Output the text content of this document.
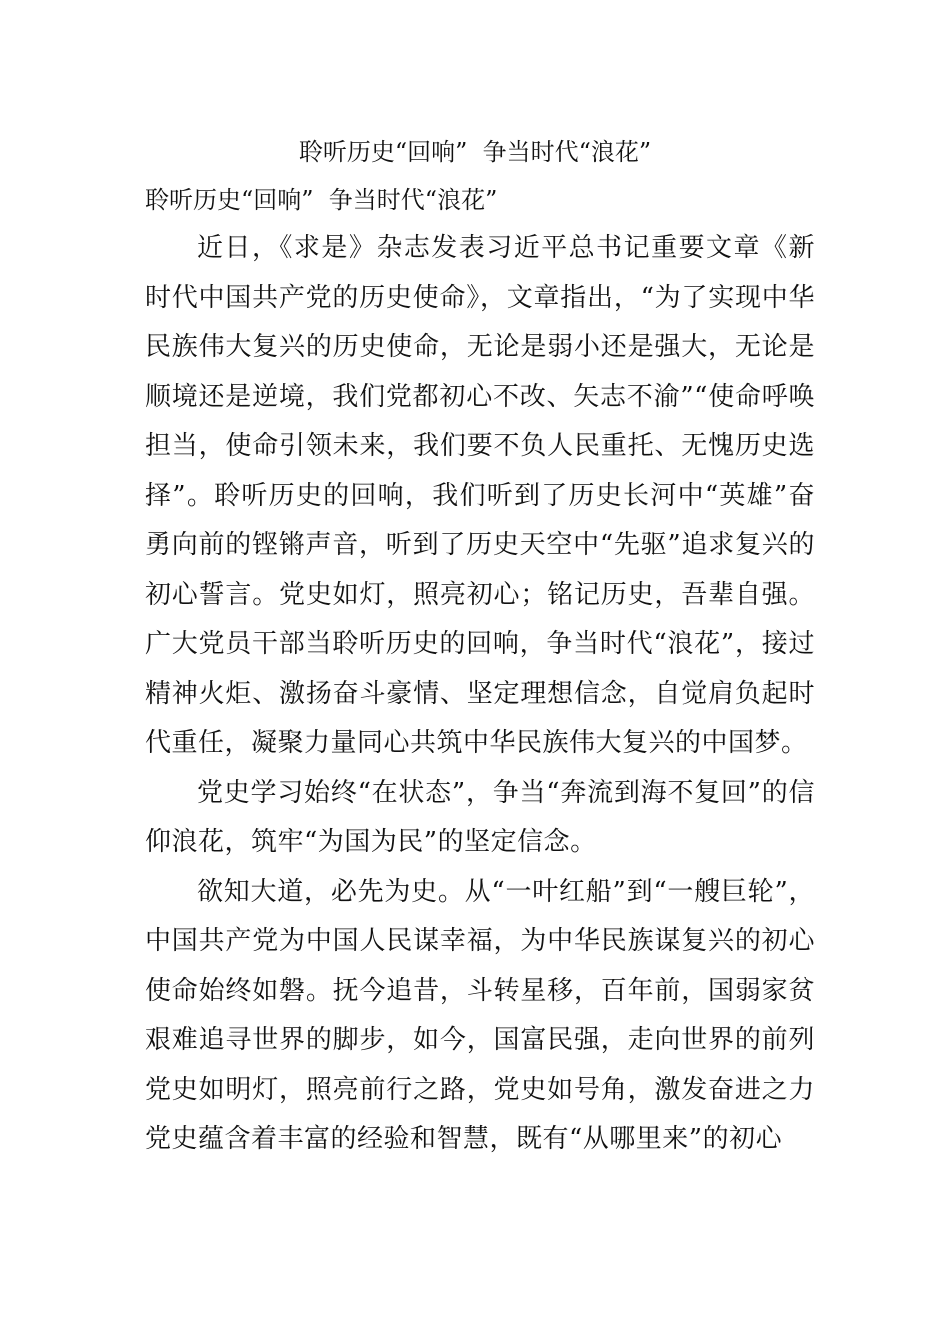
聆听历史“回响”  争当时代“浪花”
聆听历史“回响”  争当时代“浪花”

近日，《求是》杂志发表习近平总书记重要文章《新时代中国共产党的历史使命》，文章指出，“为了实现中华民族伟大复兴的历史使命，无论是弱小还是强大，无论是顺境还是逆境，我们党都初心不改、矢志不渝”“使命呼唤担当，使命引领未来，我们要不负人民重托、无愧历史选择”。聆听历史的回响，我们听到了历史长河中“英雄”奋勇向前的铿锵声音，听到了历史天空中“先驱”追求复兴的初心誓言。党史如灯，照亮初心；铭记历史，吾辈自强。广大党员干部当聆听历史的回响，争当时代“浪花”，接过精神火炬、激扬奋斗豪情、坚定理想信念，自觉肩负起时代重任，凝聚力量同心共筑中华民族伟大复兴的中国梦。

党史学习始终“在状态”，争当“奔流到海不复回”的信仰浪花，筑牢“为国为民”的坚定信念。

欲知大道，必先为史。从“一叶红船”到“一艘巨轮”，中国共产党为中国人民谋幸福，为中华民族谋复兴的初心使命始终如磐。抚今追昔，斗转星移，百年前，国弱家贫艰难追寻世界的脚步，如今，国富民强，走向世界的前列党史如明灯，照亮前行之路，党史如号角，激发奋进之力党史蕴含着丰富的经验和智慧，既有“从哪里来”的初心
